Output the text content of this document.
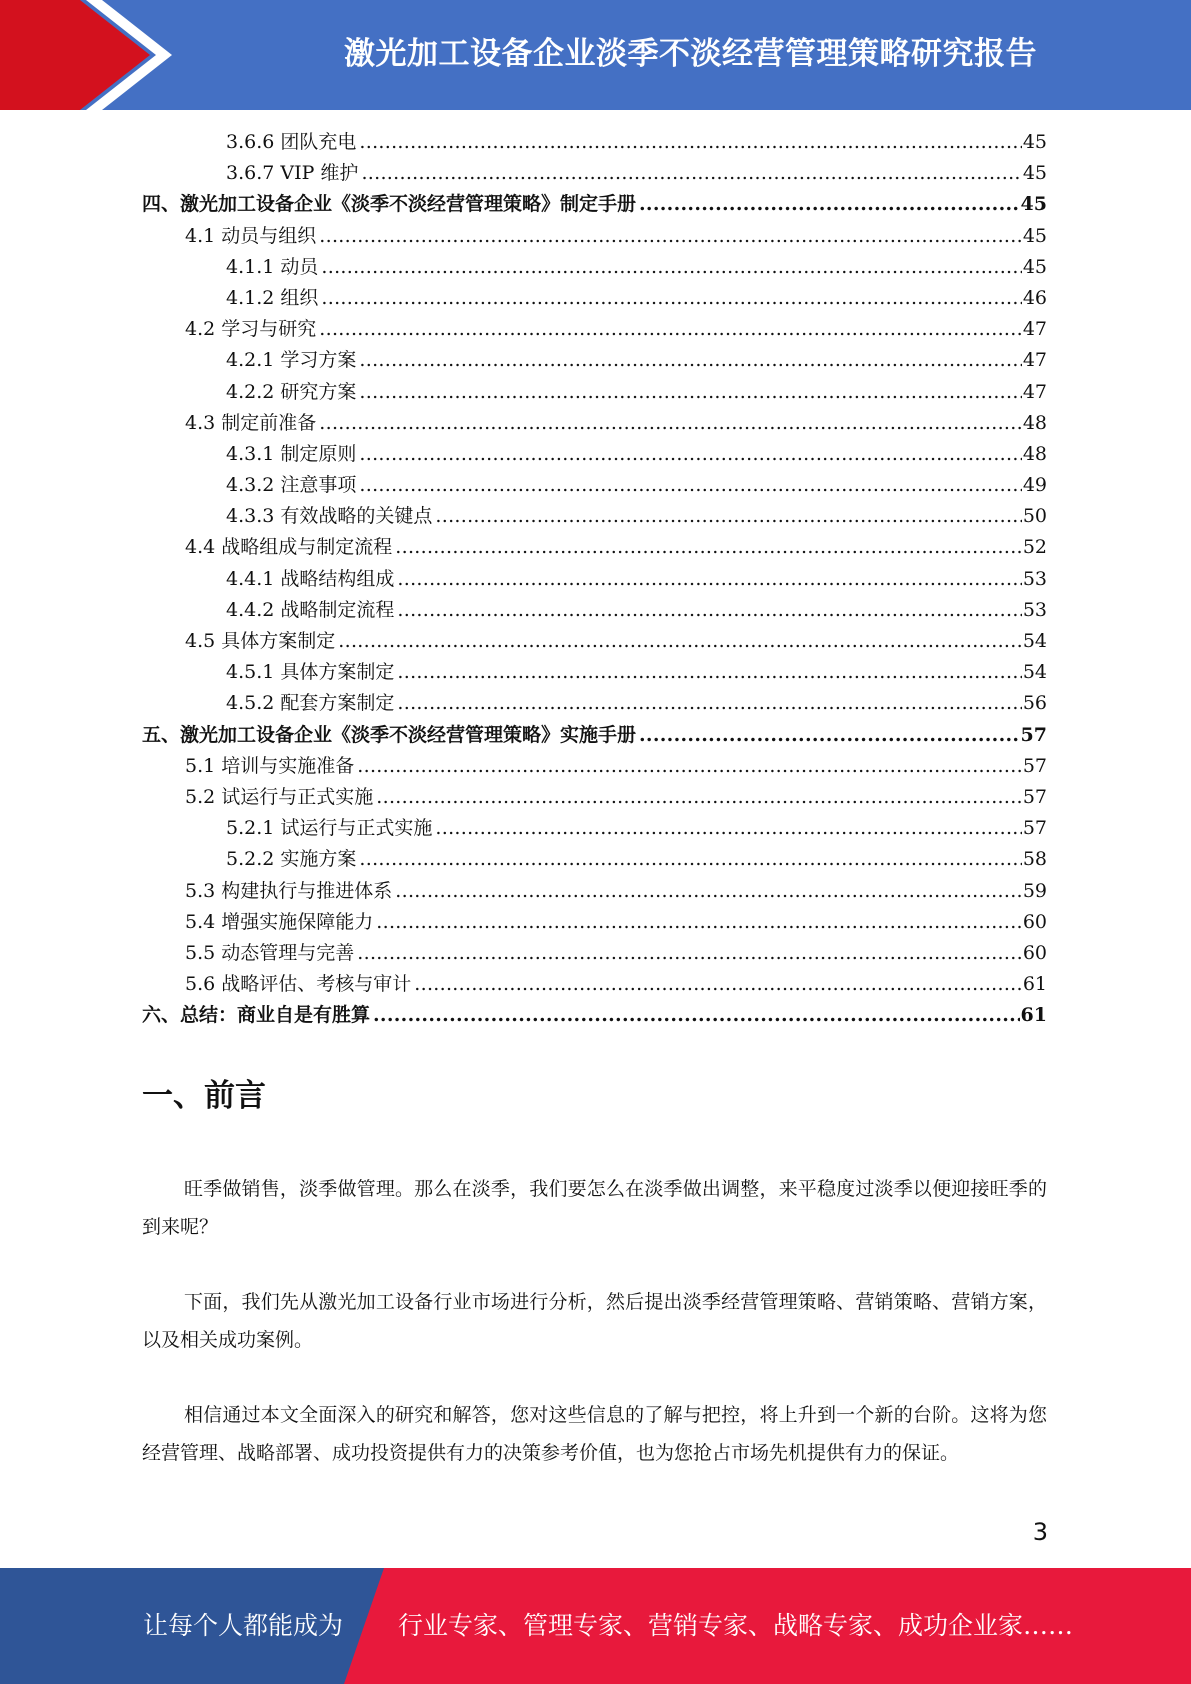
激光加工设备企业淡季不淡经营管理策略研究报告
3.6.6 团队充电 .....	45
3.6.7 VIP 维护 .....	45
四、激光加工设备企业《淡季不淡经营管理策略》制定手册 .....	45
4.1 动员与组织 .....	45
4.1.1 动员 .....	45
4.1.2 组织 .....	46
4.2 学习与研究 .....	47
4.2.1 学习方案 .....	47
4.2.2 研究方案 .....	47
4.3 制定前准备 .....	48
4.3.1 制定原则 .....	48
4.3.2 注意事项 .....	49
4.3.3 有效战略的关键点 .....	50
4.4 战略组成与制定流程 .....	52
4.4.1 战略结构组成 .....	53
4.4.2 战略制定流程 .....	53
4.5 具体方案制定 .....	54
4.5.1 具体方案制定 .....	54
4.5.2 配套方案制定 .....	56
五、激光加工设备企业《淡季不淡经营管理策略》实施手册 .....	57
5.1 培训与实施准备 .....	57
5.2 试运行与正式实施 .....	57
5.2.1 试运行与正式实施 .....	57
5.2.2 实施方案 .....	58
5.3 构建执行与推进体系 .....	59
5.4 增强实施保障能力 .....	60
5.5 动态管理与完善 .....	60
5.6 战略评估、考核与审计 .....	61
六、总结：商业自是有胜算 .....	61
一、前言

旺季做销售，淡季做管理。那么在淡季，我们要怎么在淡季做出调整，来平稳度过淡季以便迎接旺季的到来呢？

下面，我们先从激光加工设备行业市场进行分析，然后提出淡季经营管理策略、营销策略、营销方案，以及相关成功案例。

相信通过本文全面深入的研究和解答，您对这些信息的了解与把控，将上升到一个新的台阶。这将为您经营管理、战略部署、成功投资提供有力的决策参考价值，也为您抢占市场先机提供有力的保证。

3
让每个人都能成为 行业专家、管理专家、营销专家、战略专家、成功企业家……
